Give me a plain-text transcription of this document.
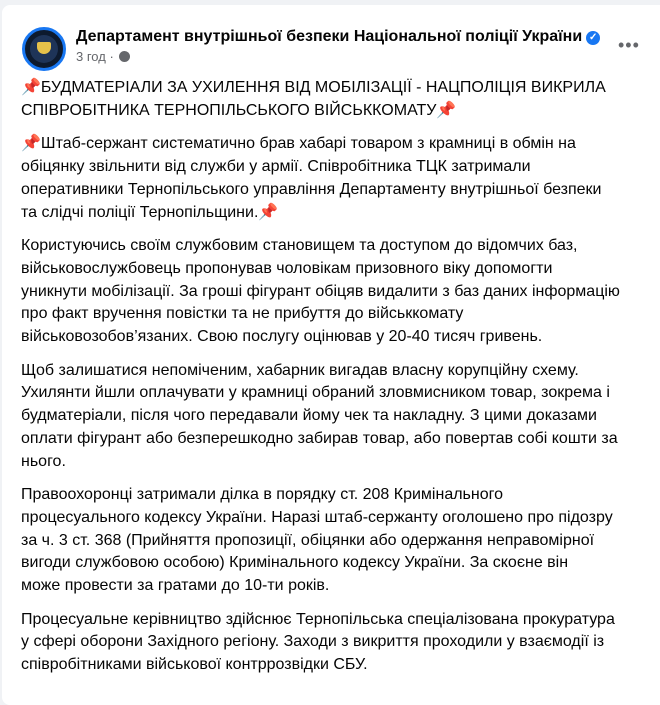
Департамент внутрішньої безпеки Національної поліції України ✓
3 год ·
•••

📌БУДМАТЕРІАЛИ ЗА УХИЛЕННЯ ВІД МОБІЛІЗАЦІЇ - НАЦПОЛІЦІЯ ВИКРИЛА
СПІВРОБІТНИКА ТЕРНОПІЛЬСЬКОГО ВІЙСЬККОМАТУ📌

📌Штаб-сержант систематично брав хабарі товаром з крамниці в обмін на
обіцянку звільнити від служби у армії. Співробітника ТЦК затримали
оперативники Тернопільського управління Департаменту внутрішньої безпеки
та слідчі поліції Тернопільщини.📌

Користуючись своїм службовим становищем та доступом до відомчих баз,
військовослужбовець пропонував чоловікам призовного віку допомогти
уникнути мобілізації. За гроші фігурант обіцяв видалити з баз даних інформацію
про факт вручення повістки та не прибуття до військкомату
військовозобов’язаних. Свою послугу оцінював у 20-40 тисяч гривень.

Щоб залишатися непоміченим, хабарник вигадав власну корупційну схему.
Ухилянти йшли оплачувати у крамниці обраний зловмисником товар, зокрема і
будматеріали, після чого передавали йому чек та накладну. З цими доказами
оплати фігурант або безперешкодно забирав товар, або повертав собі кошти за
нього.

Правоохоронці затримали ділка в порядку ст. 208 Кримінального
процесуального кодексу України. Наразі штаб-сержанту оголошено про підозру
за ч. 3 ст. 368 (Прийняття пропозиції, обіцянки або одержання неправомірної
вигоди службовою особою) Кримінального кодексу України. За скоєне він
може провести за гратами до 10-ти років.

Процесуальне керівництво здійснює Тернопільська спеціалізована прокуратура
у сфері оборони Західного регіону. Заходи з викриття проходили у взаємодії із
співробітниками військової контррозвідки СБУ.
